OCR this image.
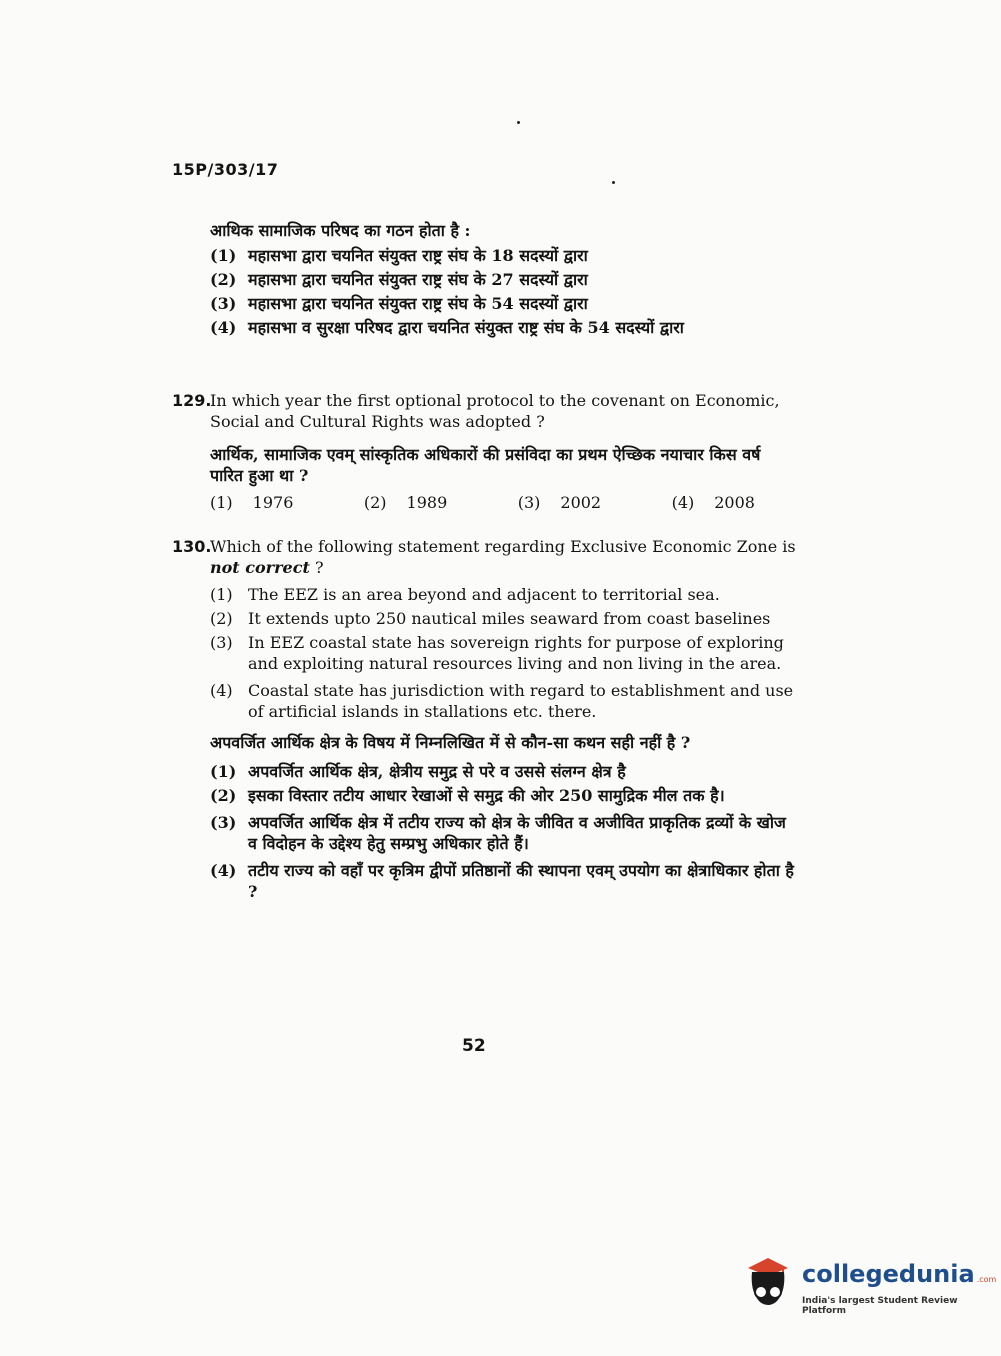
15P/303/17
आथिक सामाजिक परिषद का गठन होता है :
(1) महासभा द्वारा चयनित संयुक्त राष्ट्र संघ के 18 सदस्यों द्वारा
(2) महासभा द्वारा चयनित संयुक्त राष्ट्र संघ के 27 सदस्यों द्वारा
(3) महासभा द्वारा चयनित संयुक्त राष्ट्र संघ के 54 सदस्यों द्वारा
(4) महासभा व सुरक्षा परिषद द्वारा चयनित संयुक्त राष्ट्र संघ के 54 सदस्यों द्वारा
129.
In which year the first optional protocol to the covenant on Economic, Social and Cultural Rights was adopted ?
आर्थिक, सामाजिक एवम् सांस्कृतिक अधिकारों की प्रसंविदा का प्रथम ऐच्छिक नयाचार किस वर्ष पारित हुआ था ?
(1) 1976	(2) 1989	(3) 2002	(4) 2008
130.
Which of the following statement regarding Exclusive Economic Zone is not correct ?
(1) The EEZ is an area beyond and adjacent to territorial sea.
(2) It extends upto 250 nautical miles seaward from coast baselines
(3) In EEZ coastal state has sovereign rights for purpose of exploring and exploiting natural resources living and non living in the area.
(4) Coastal state has jurisdiction with regard to establishment and use of artificial islands in stallations etc. there.
अपवर्जित आर्थिक क्षेत्र के विषय में निम्नलिखित में से कौन-सा कथन सही नहीं है ?
(1) अपवर्जित आर्थिक क्षेत्र, क्षेत्रीय समुद्र से परे व उससे संलग्न क्षेत्र है
(2) इसका विस्तार तटीय आधार रेखाओं से समुद्र की ओर 250 सामुद्रिक मील तक है।
(3) अपवर्जित आर्थिक क्षेत्र में तटीय राज्य को क्षेत्र के जीवित व अजीवित प्राकृतिक द्रव्यों के खोज व विदोहन के उद्देश्य हेतु सम्प्रभु अधिकार होते हैं।
(4) तटीय राज्य को वहाँ पर कृत्रिम द्वीपों प्रतिष्ठानों की स्थापना एवम् उपयोग का क्षेत्राधिकार होता है ?
52
collegedunia .com
India's largest Student Review Platform
